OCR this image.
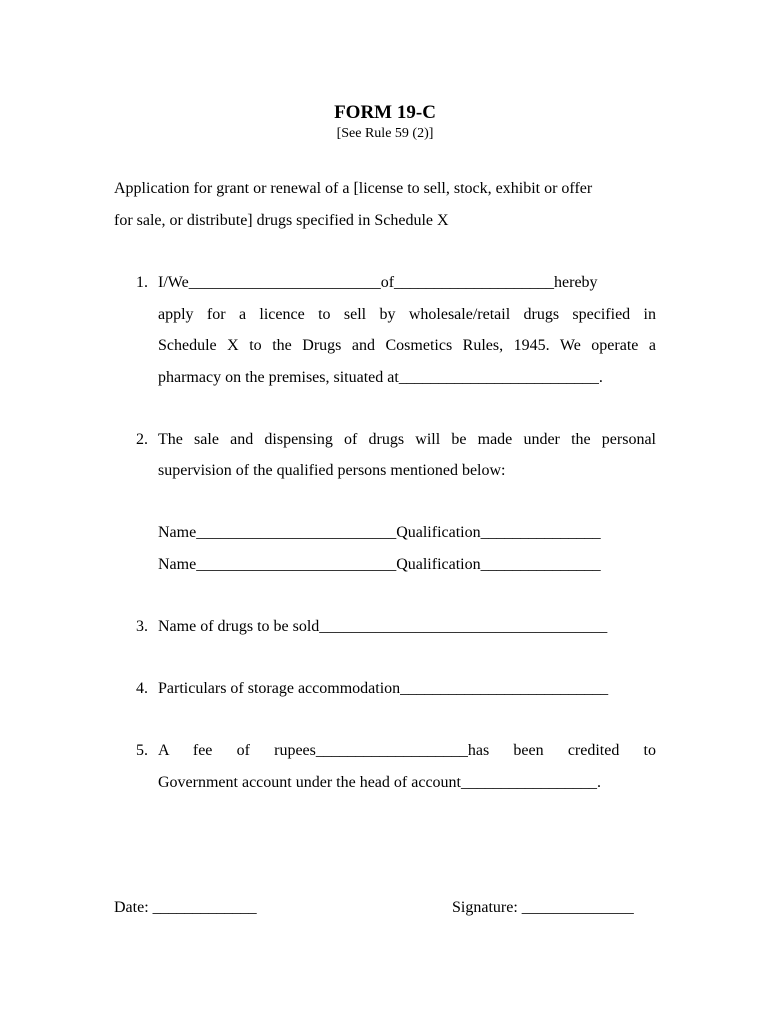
FORM 19-C
[See Rule 59 (2)]
Application for grant or renewal of a [license to sell, stock, exhibit or offer
for sale, or distribute] drugs specified in Schedule X
1. I/We________________________of____________________hereby
apply for a licence to sell by wholesale/retail drugs specified in
Schedule X to the Drugs and Cosmetics Rules, 1945. We operate a
pharmacy on the premises, situated at_________________________.
2. The sale and dispensing of drugs will be made under the personal
supervision of the qualified persons mentioned below:
Name_________________________Qualification_______________
Name_________________________Qualification_______________
3. Name of drugs to be sold____________________________________
4. Particulars of storage accommodation__________________________
5. A fee of rupees___________________has been credited to
Government account under the head of account_________________.
Date: _____________	Signature: ______________
